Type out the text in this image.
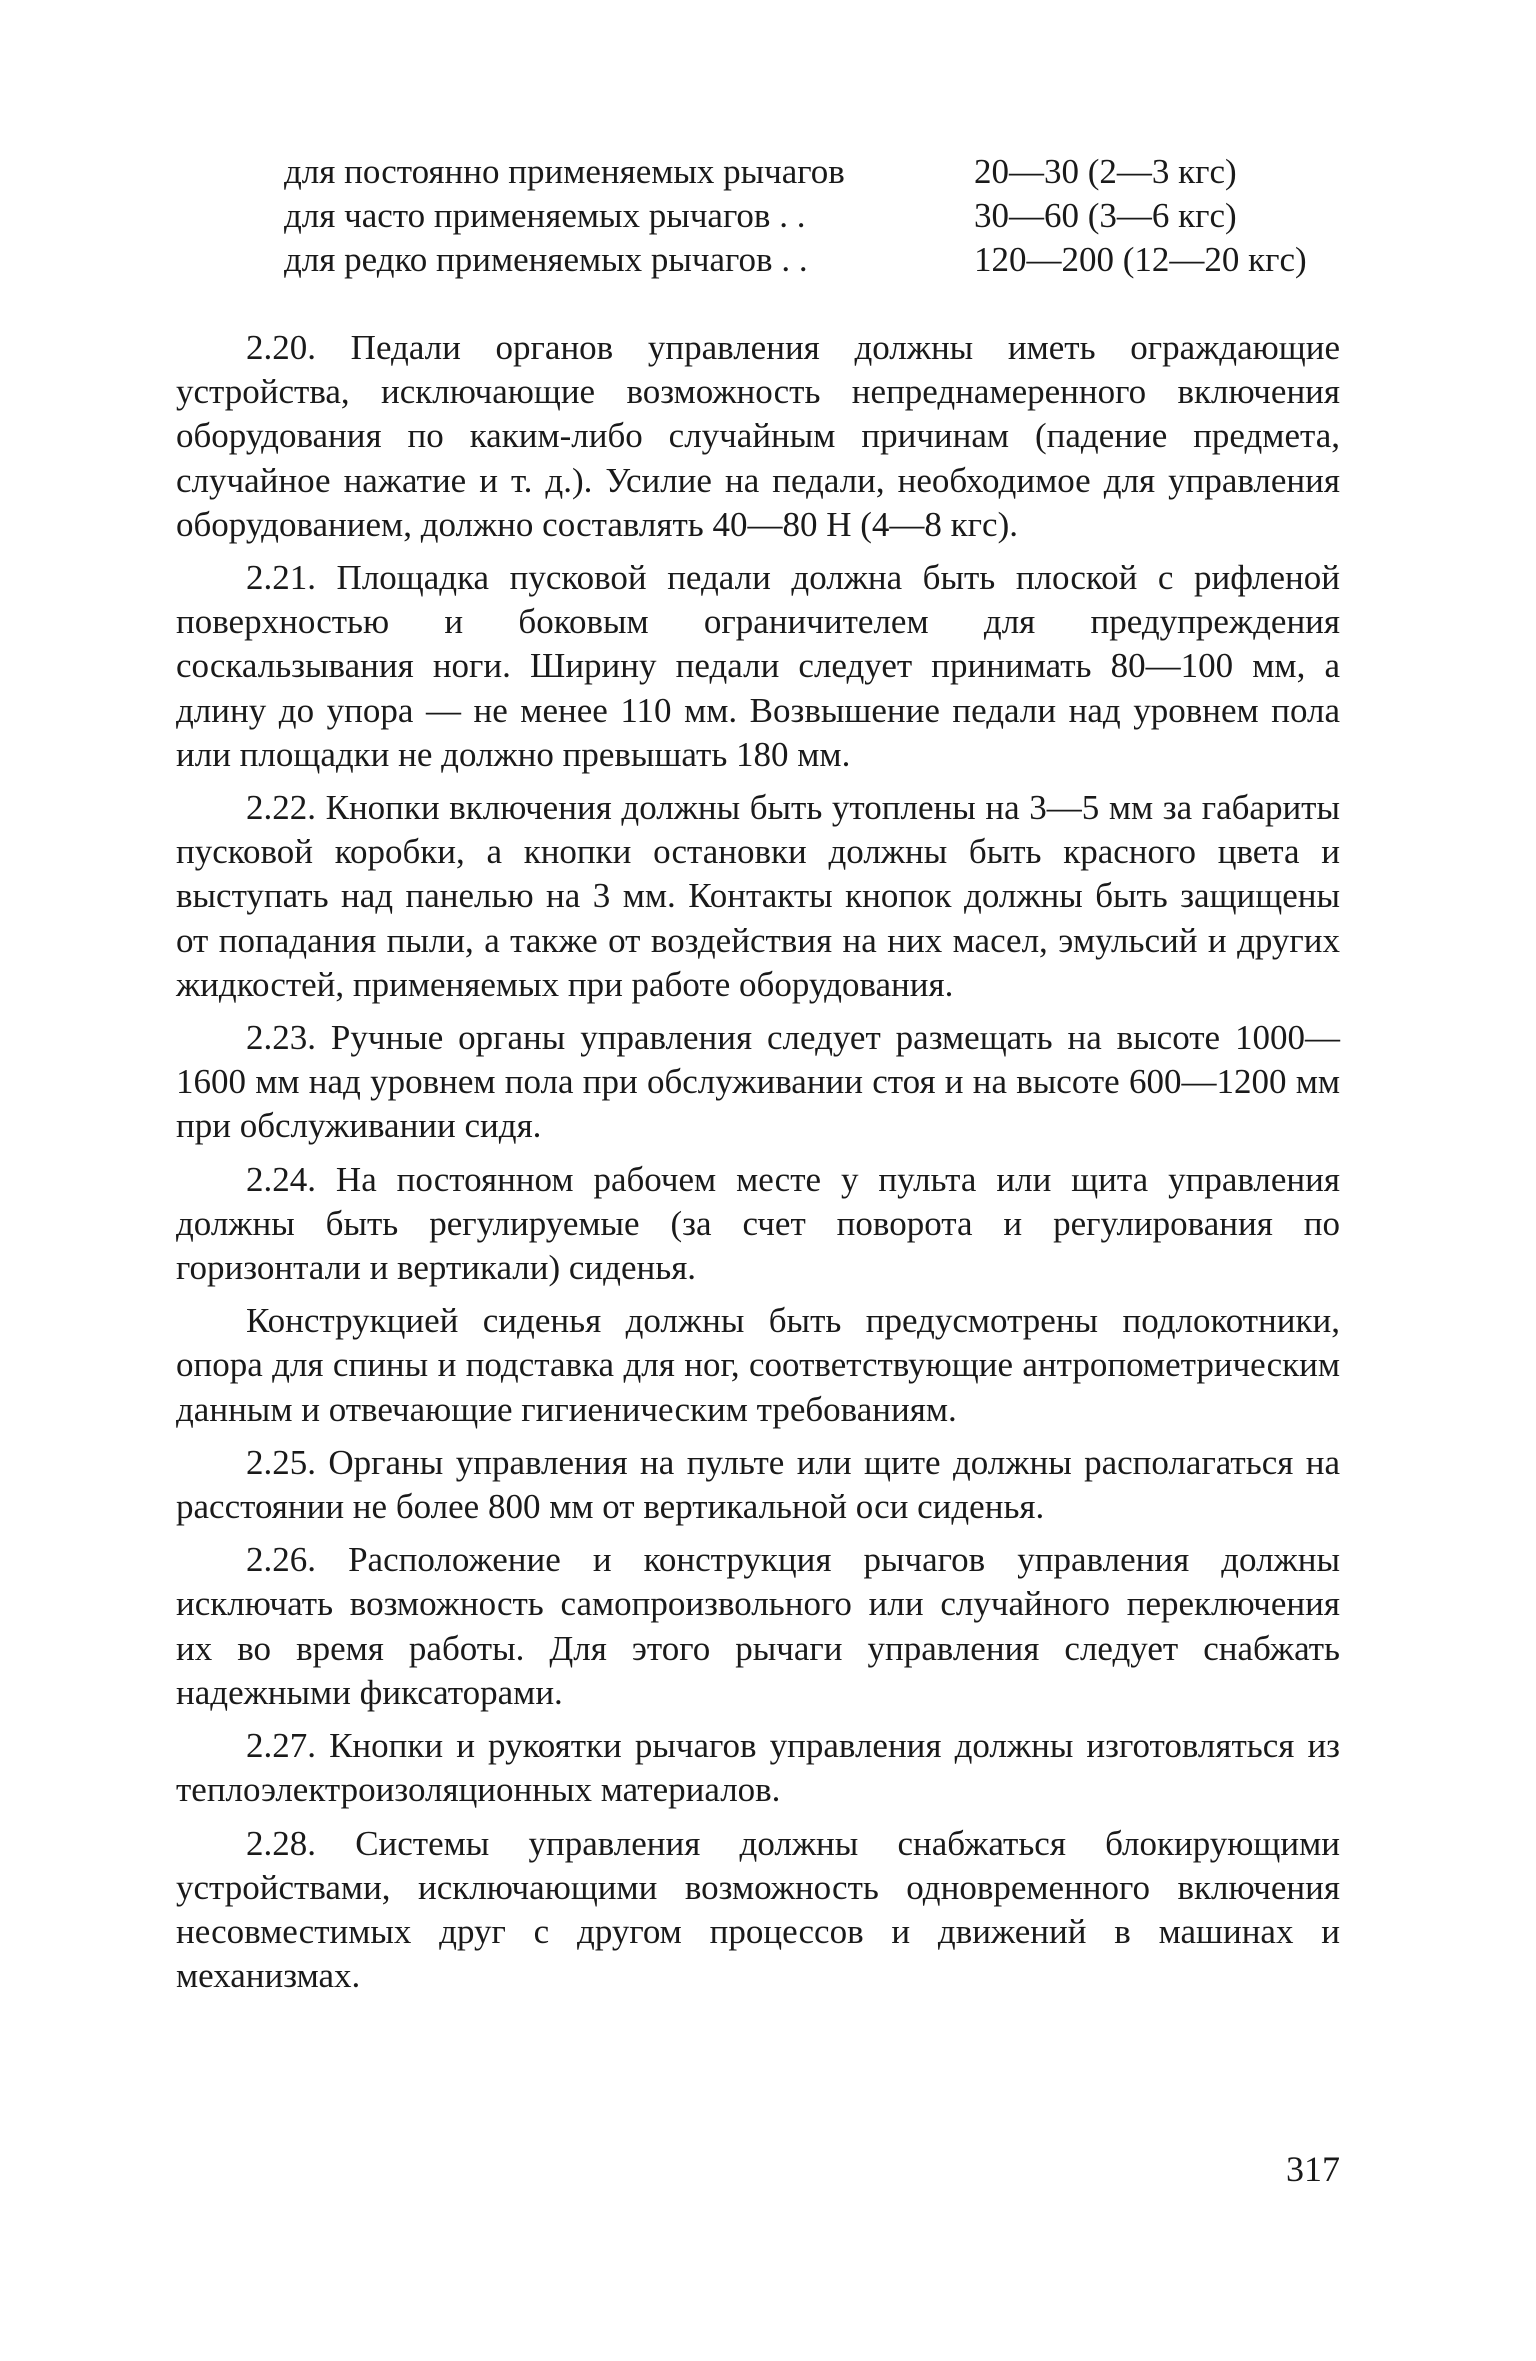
для постоянно применяемых рычагов	20—30 (2—3 кгс)
для часто применяемых рычагов . .	30—60 (3—6 кгс)
для редко применяемых рычагов . .	120—200 (12—20 кгс)

2.20. Педали органов управления должны иметь ограждающие устройства, исключающие возможность непреднамеренного включения оборудования по каким-либо случайным причинам (падение предмета, случайное нажатие и т. д.). Усилие на педали, необходимое для управления оборудованием, должно составлять 40—80 Н (4—8 кгс).

2.21. Площадка пусковой педали должна быть плоской с рифленой поверхностью и боковым ограничителем для предупреждения соскальзывания ноги. Ширину педали следует принимать 80—100 мм, а длину до упора — не менее 110 мм. Возвышение педали над уровнем пола или площадки не должно превышать 180 мм.

2.22. Кнопки включения должны быть утоплены на 3—5 мм за габариты пусковой коробки, а кнопки остановки должны быть красного цвета и выступать над панелью на 3 мм. Контакты кнопок должны быть защищены от попадания пыли, а также от воздействия на них масел, эмульсий и других жидкостей, применяемых при работе оборудования.

2.23. Ручные органы управления следует размещать на высоте 1000—1600 мм над уровнем пола при обслуживании стоя и на высоте 600—1200 мм при обслуживании сидя.

2.24. На постоянном рабочем месте у пульта или щита управления должны быть регулируемые (за счет поворота и регулирования по горизонтали и вертикали) сиденья.

Конструкцией сиденья должны быть предусмотрены подлокотники, опора для спины и подставка для ног, соответствующие антропометрическим данным и отвечающие гигиеническим требованиям.

2.25. Органы управления на пульте или щите должны располагаться на расстоянии не более 800 мм от вертикальной оси сиденья.

2.26. Расположение и конструкция рычагов управления должны исключать возможность самопроизвольного или случайного переключения их во время работы. Для этого рычаги управления следует снабжать надежными фиксаторами.

2.27. Кнопки и рукоятки рычагов управления должны изготовляться из теплоэлектроизоляционных материалов.

2.28. Системы управления должны снабжаться блокирующими устройствами, исключающими возможность одновременного включения несовместимых друг с другом процессов и движений в машинах и механизмах.

317
